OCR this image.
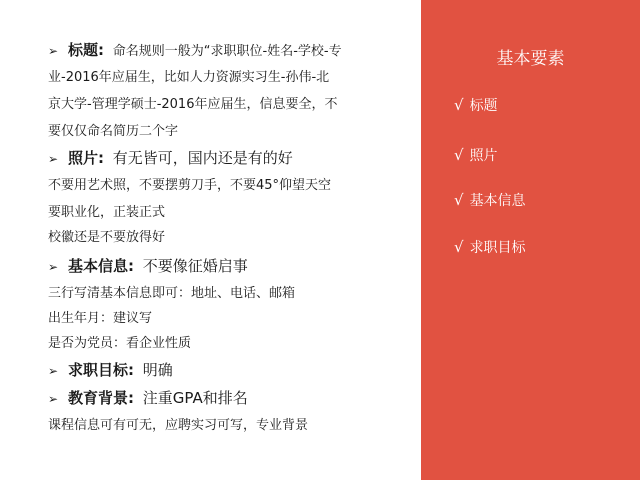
➢ 标题: 命名规则一般为“求职职位-姓名-学校-专
业-2016年应届生，比如人力资源实习生-孙伟-北
京大学-管理学硕士-2016年应届生，信息要全，不
要仅仅命名简历二个字
➢ 照片: 有无皆可，国内还是有的好
不要用艺术照，不要摆剪刀手，不要45°仰望天空
要职业化，正装正式
校徽还是不要放得好
➢ 基本信息: 不要像征婚启事
三行写清基本信息即可：地址、电话、邮箱
出生年月：建议写
是否为党员：看企业性质
➢ 求职目标: 明确
➢ 教育背景: 注重GPA和排名
课程信息可有可无，应聘实习可写，专业背景
基本要素
√ 标题
√ 照片
√ 基本信息
√ 求职目标
